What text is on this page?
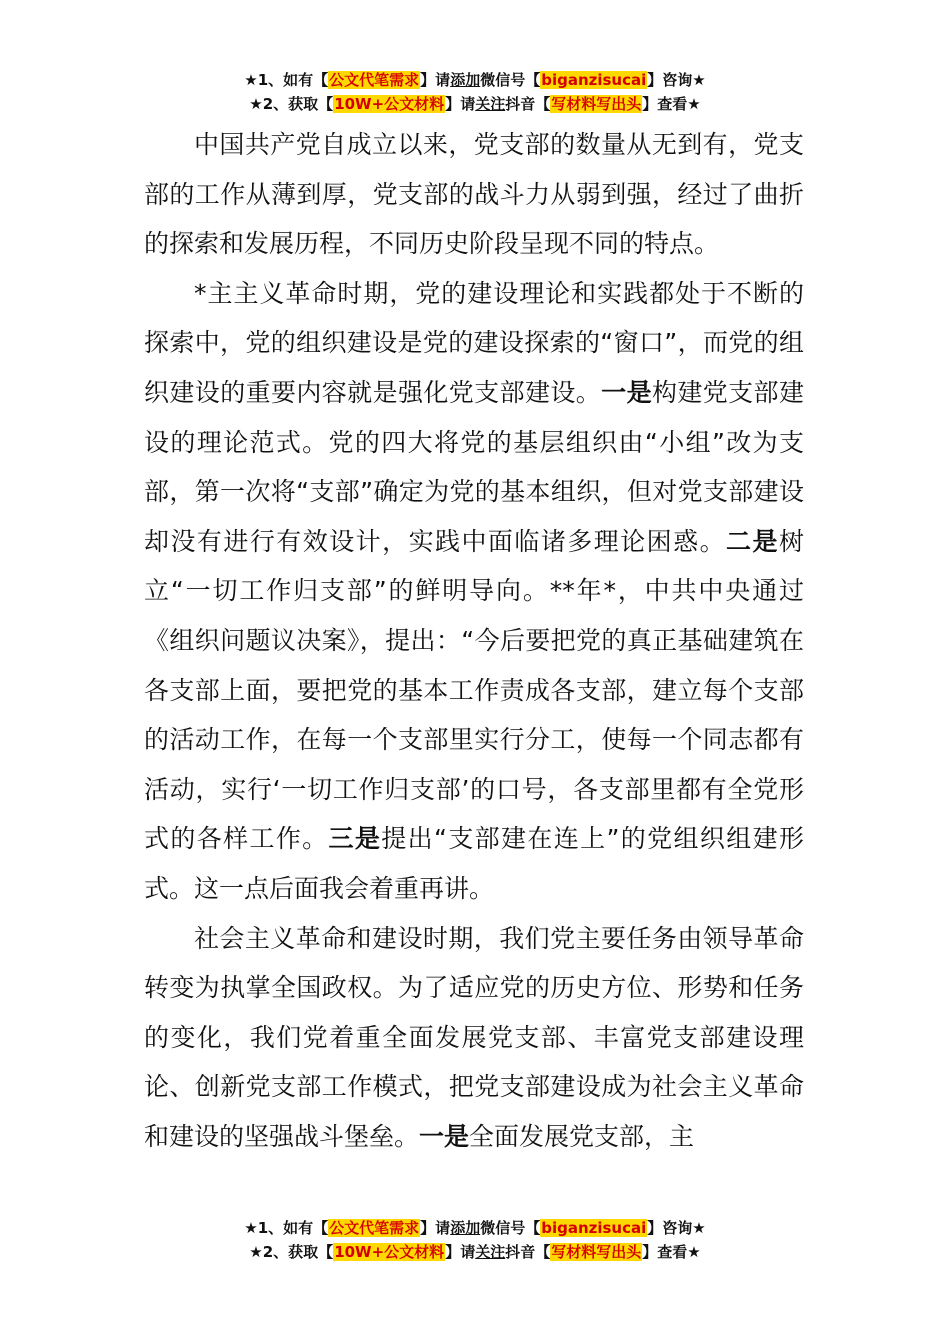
★1、如有【公文代笔需求】请添加微信号【biganzisucai】咨询★
★2、获取【10W+公文材料】请关注抖音【写材料写出头】查看★

中国共产党自成立以来，党支部的数量从无到有，党支部的工作从薄到厚，党支部的战斗力从弱到强，经过了曲折的探索和发展历程，不同历史阶段呈现不同的特点。

*主主义革命时期，党的建设理论和实践都处于不断的探索中，党的组织建设是党的建设探索的“窗口”，而党的组织建设的重要内容就是强化党支部建设。一是构建党支部建设的理论范式。党的四大将党的基层组织由“小组”改为支部，第一次将“支部”确定为党的基本组织，但对党支部建设却没有进行有效设计，实践中面临诸多理论困惑。二是树立“一切工作归支部”的鲜明导向。**年*，中共中央通过《组织问题议决案》，提出：“今后要把党的真正基础建筑在各支部上面，要把党的基本工作责成各支部，建立每个支部的活动工作，在每一个支部里实行分工，使每一个同志都有活动，实行‘一切工作归支部’的口号，各支部里都有全党形式的各样工作。三是提出“支部建在连上”的党组织组建形式。这一点后面我会着重再讲。

社会主义革命和建设时期，我们党主要任务由领导革命转变为执掌全国政权。为了适应党的历史方位、形势和任务的变化，我们党着重全面发展党支部、丰富党支部建设理论、创新党支部工作模式，把党支部建设成为社会主义革命和建设的坚强战斗堡垒。一是全面发展党支部，主

★1、如有【公文代笔需求】请添加微信号【biganzisucai】咨询★
★2、获取【10W+公文材料】请关注抖音【写材料写出头】查看★
